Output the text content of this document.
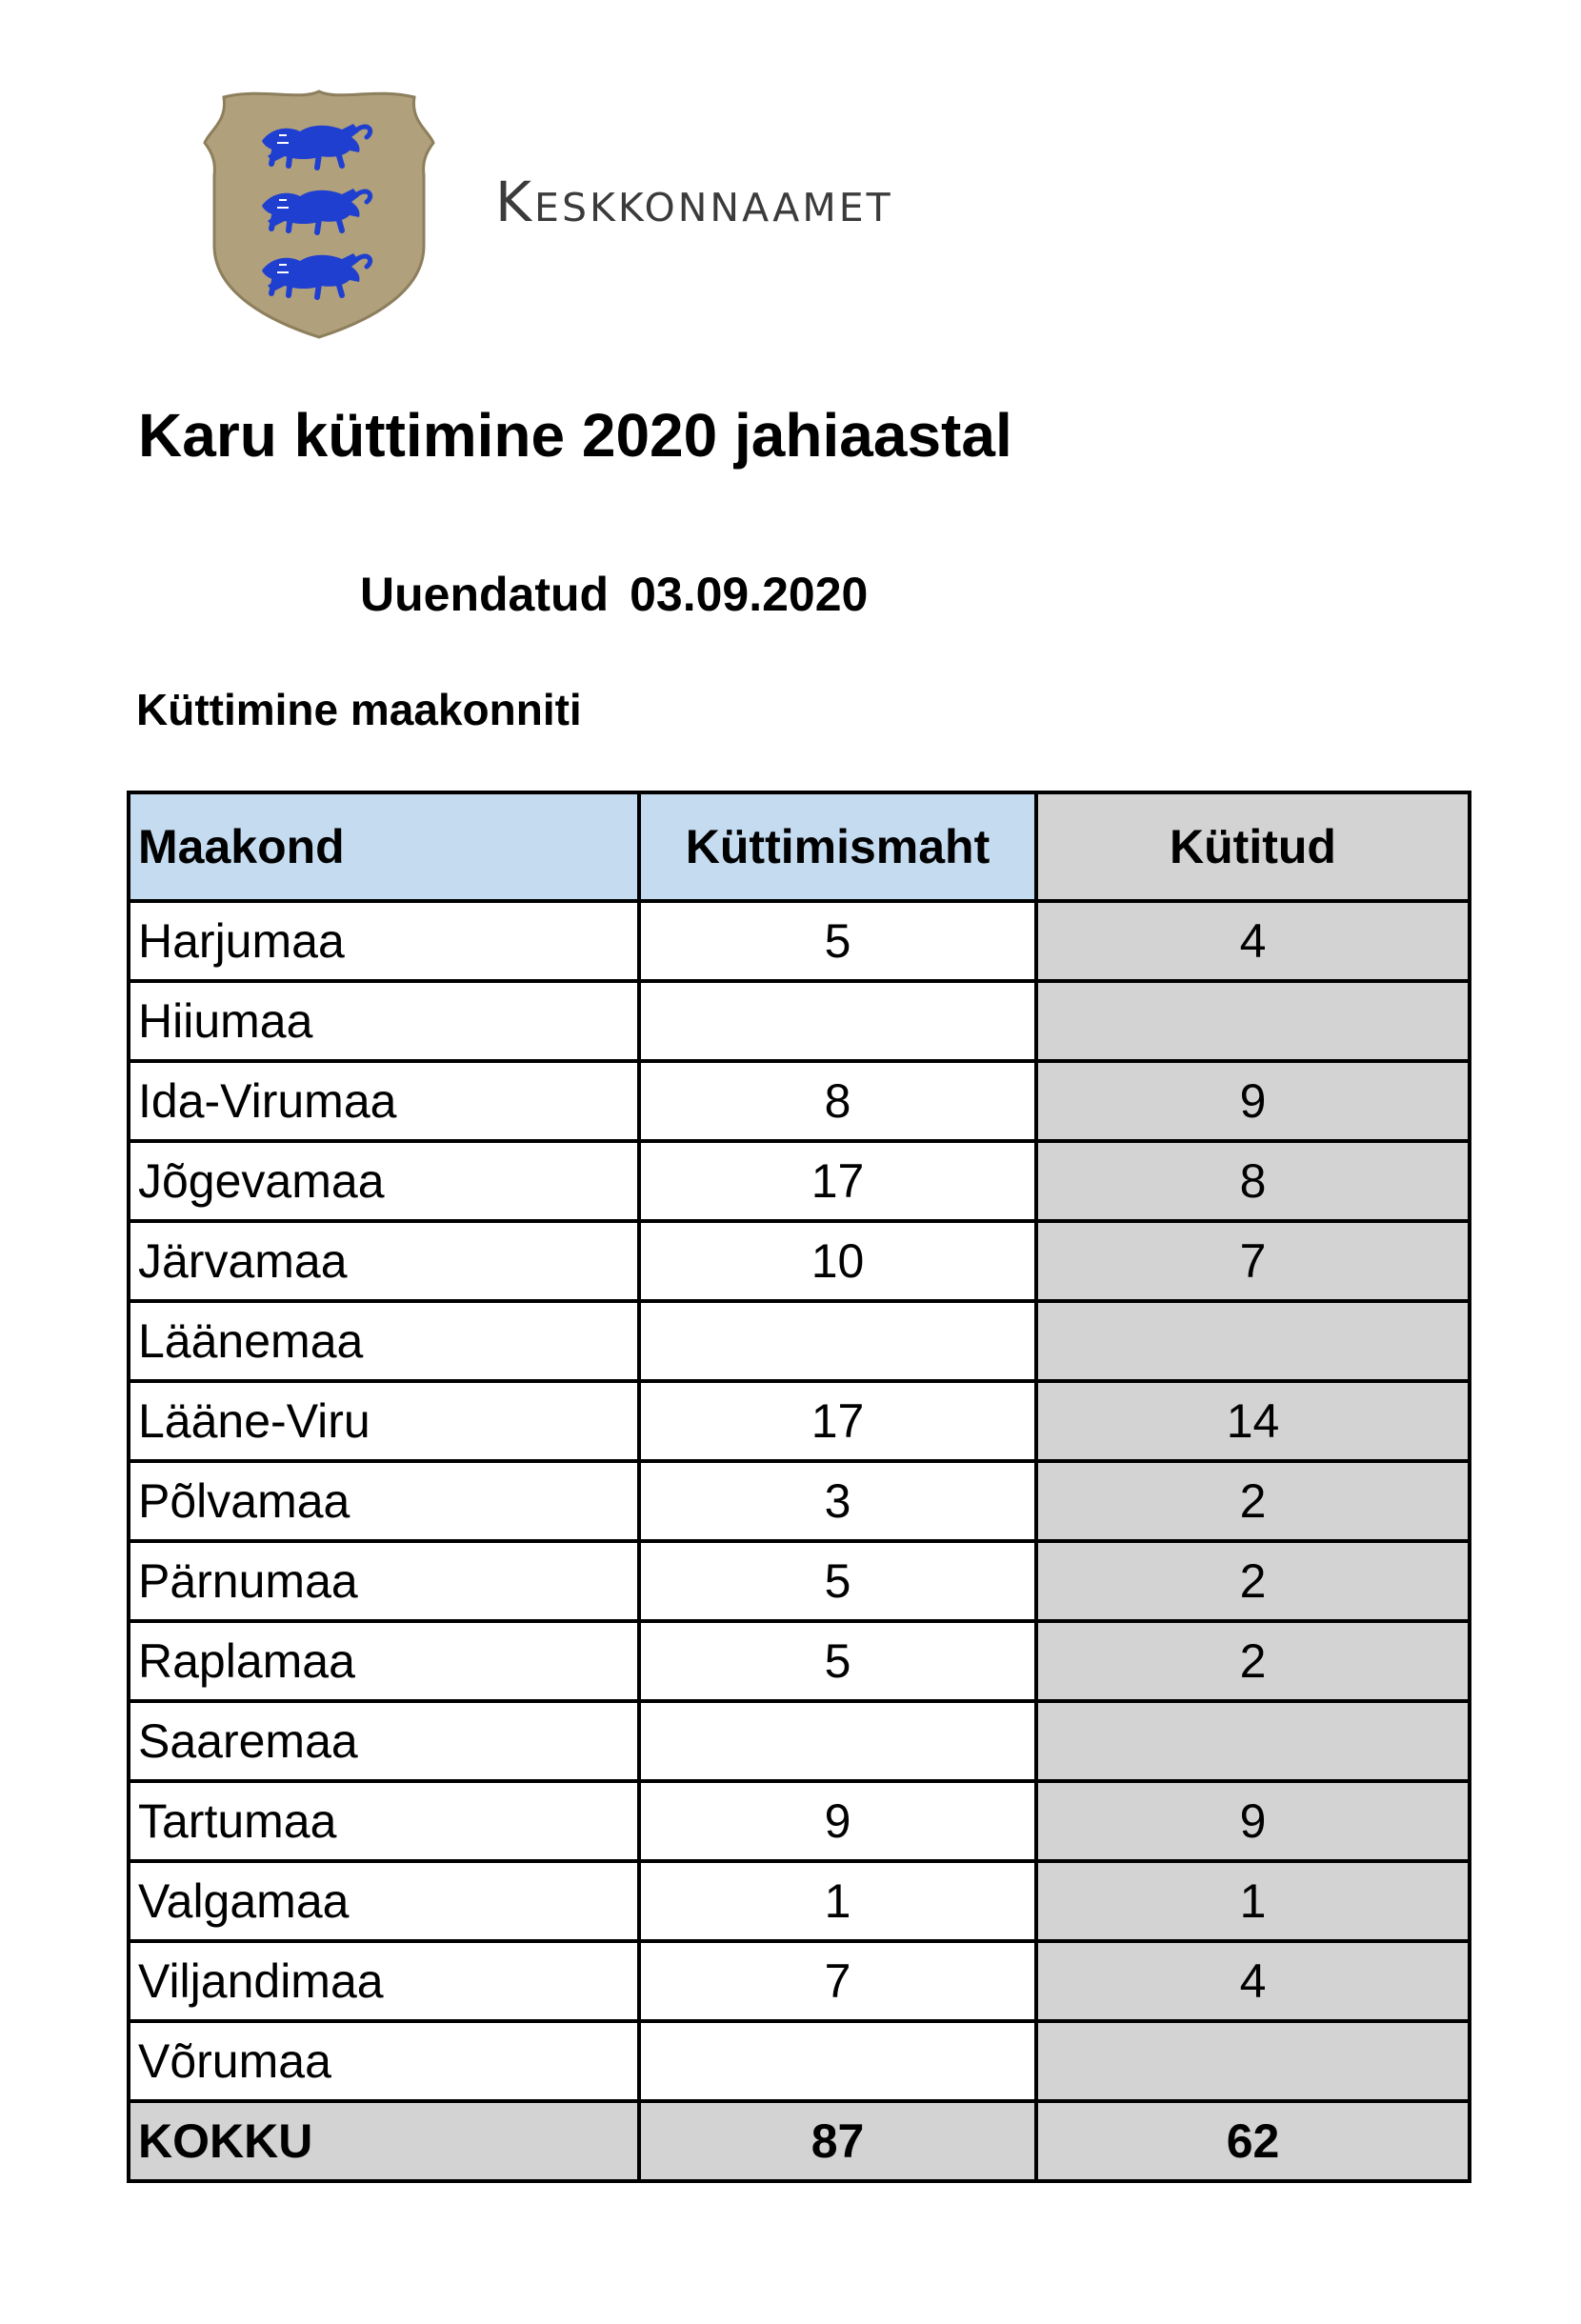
Keskkonnaamet
Karu küttimine 2020 jahiaastal
Uuendatud 03.09.2020
Küttimine maakonniti
Maakond	Küttimismaht	Kütitud
Harjumaa	5	4
Hiiumaa		
Ida-Virumaa	8	9
Jõgevamaa	17	8
Järvamaa	10	7
Läänemaa		
Lääne-Viru	17	14
Põlvamaa	3	2
Pärnumaa	5	2
Raplamaa	5	2
Saaremaa		
Tartumaa	9	9
Valgamaa	1	1
Viljandimaa	7	4
Võrumaa		
KOKKU	87	62
